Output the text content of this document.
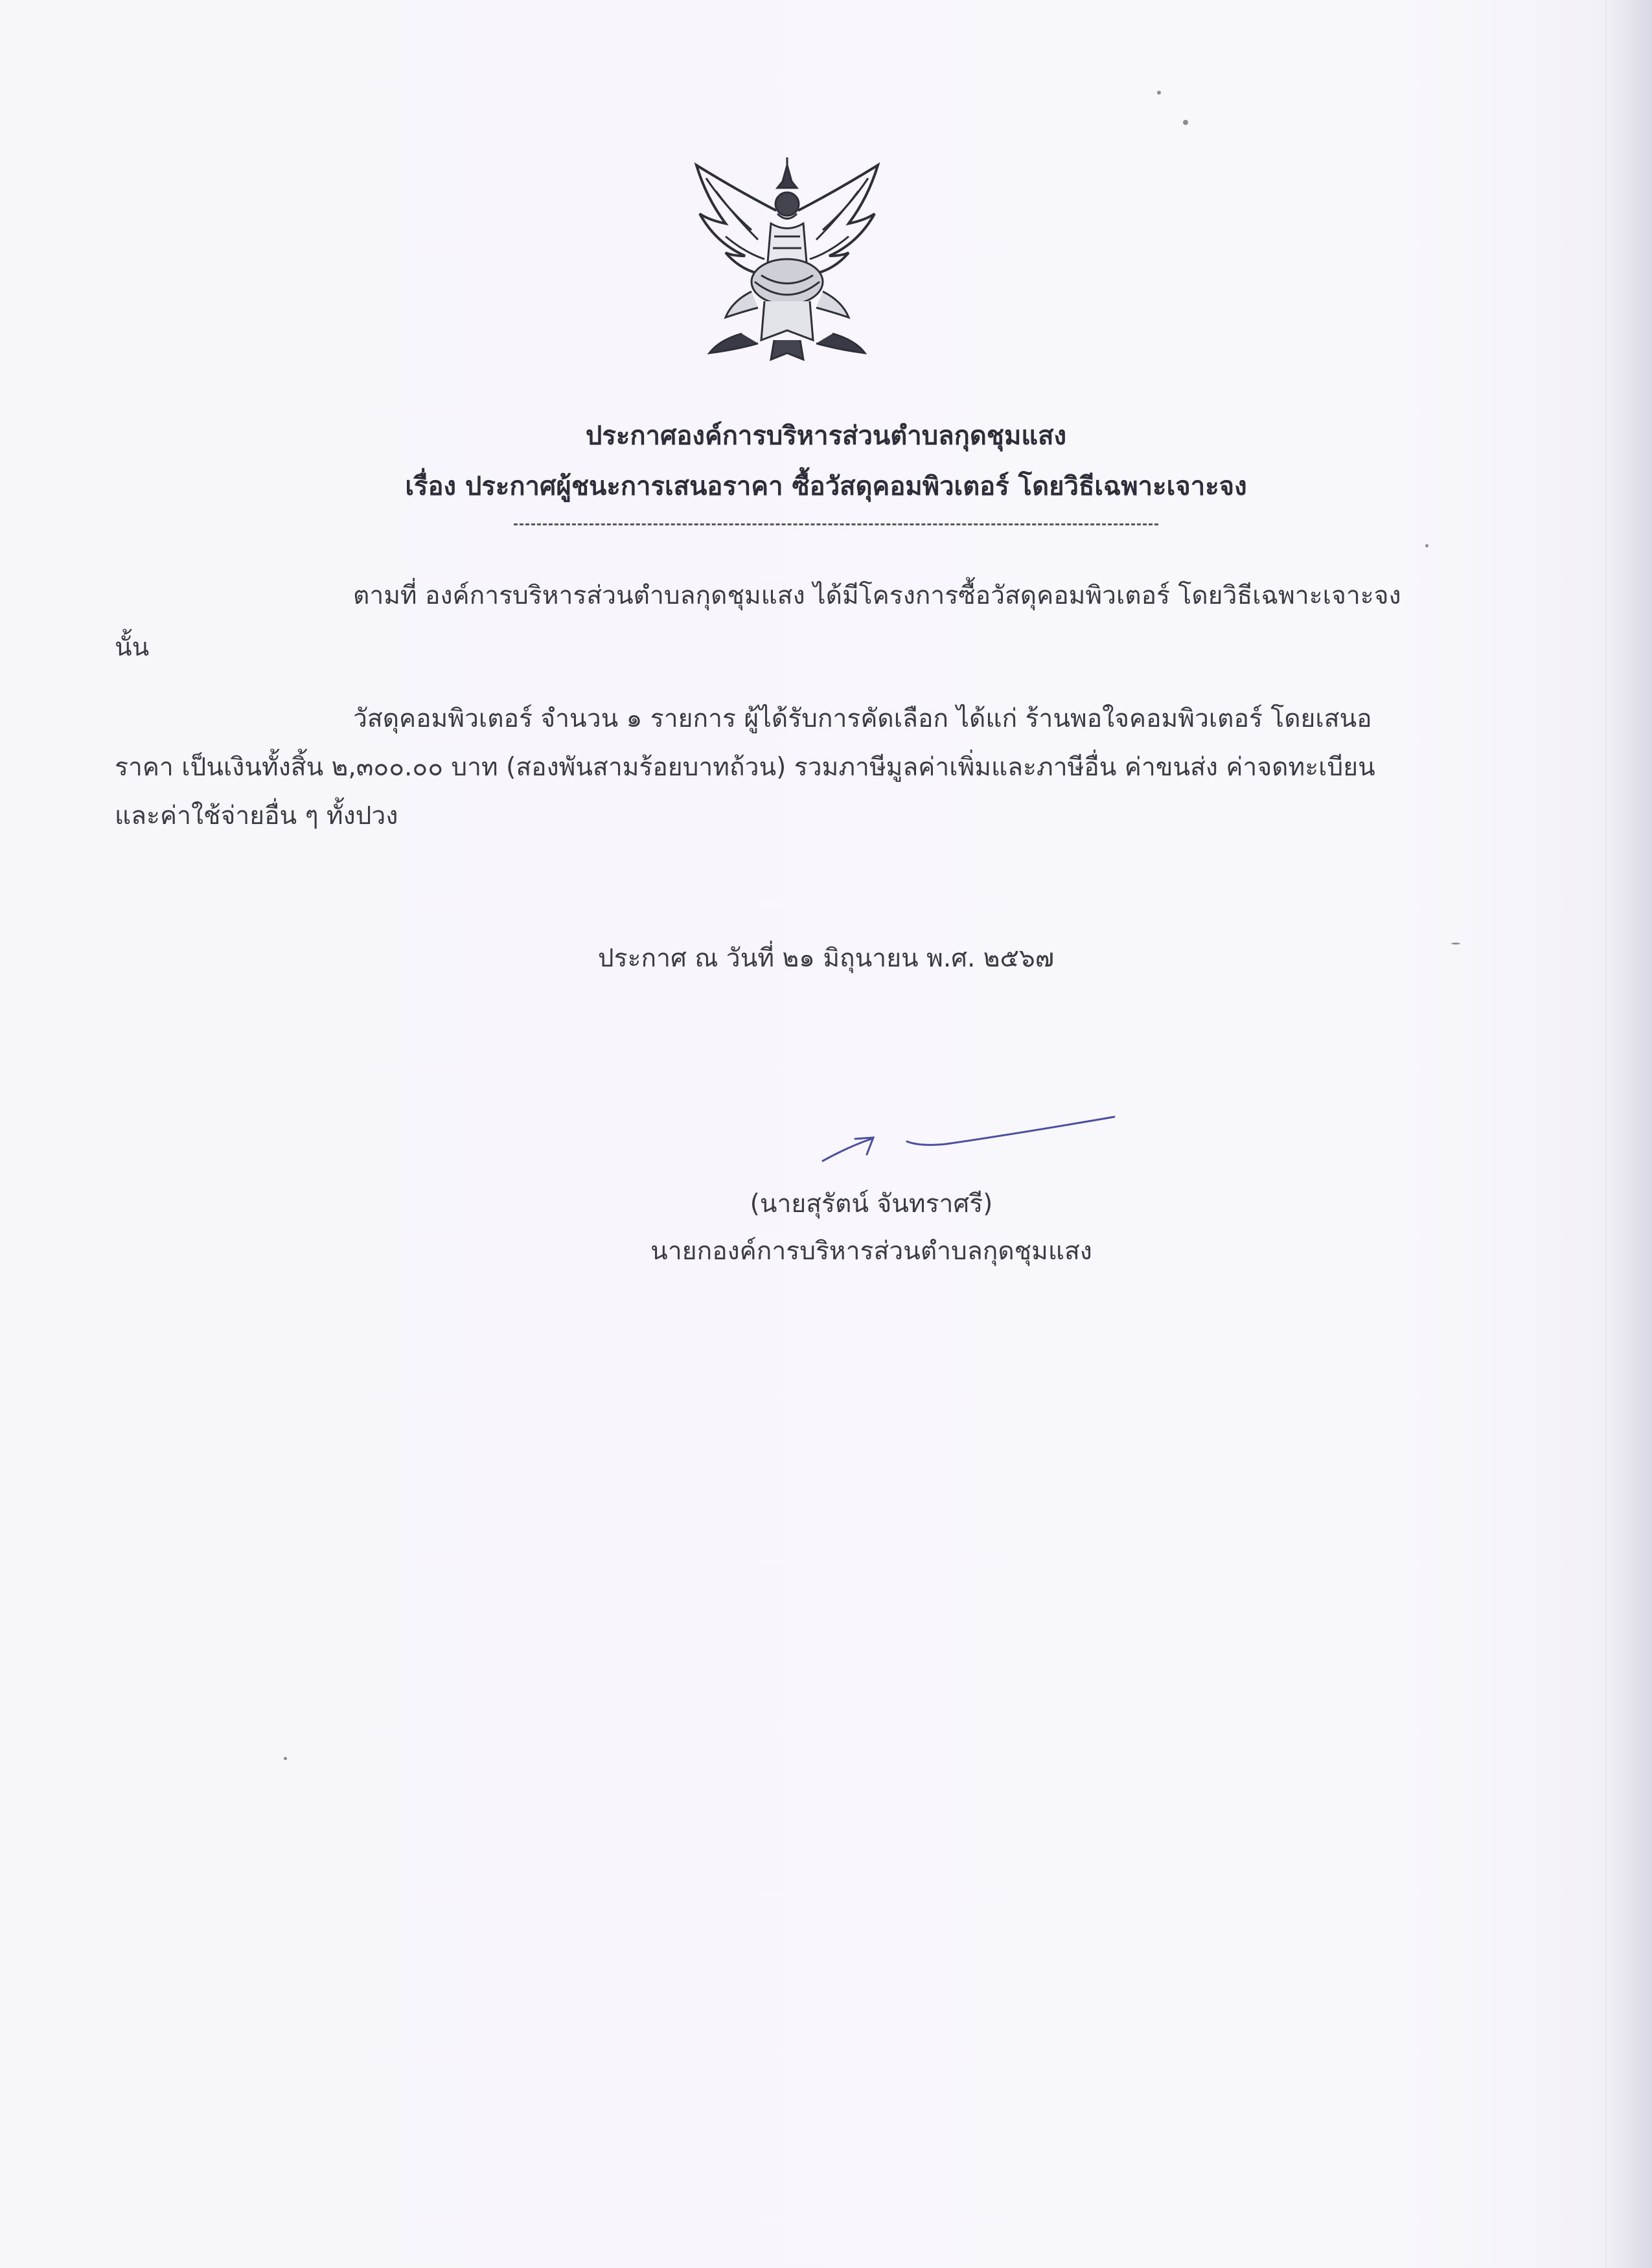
ประกาศองค์การบริหารส่วนตำบลกุดชุมแสง
เรื่อง ประกาศผู้ชนะการเสนอราคา ซื้อวัสดุคอมพิวเตอร์ โดยวิธีเฉพาะเจาะจง
ตามที่ องค์การบริหารส่วนตำบลกุดชุมแสง ได้มีโครงการซื้อวัสดุคอมพิวเตอร์ โดยวิธีเฉพาะเจาะจง
นั้น
วัสดุคอมพิวเตอร์ จำนวน ๑ รายการ ผู้ได้รับการคัดเลือก ได้แก่ ร้านพอใจคอมพิวเตอร์ โดยเสนอ
ราคา เป็นเงินทั้งสิ้น ๒,๓๐๐.๐๐ บาท (สองพันสามร้อยบาทถ้วน) รวมภาษีมูลค่าเพิ่มและภาษีอื่น ค่าขนส่ง ค่าจดทะเบียน
และค่าใช้จ่ายอื่น ๆ ทั้งปวง
ประกาศ ณ วันที่ ๒๑ มิถุนายน พ.ศ. ๒๕๖๗
(นายสุรัตน์ จันทราศรี)
นายกองค์การบริหารส่วนตำบลกุดชุมแสง
